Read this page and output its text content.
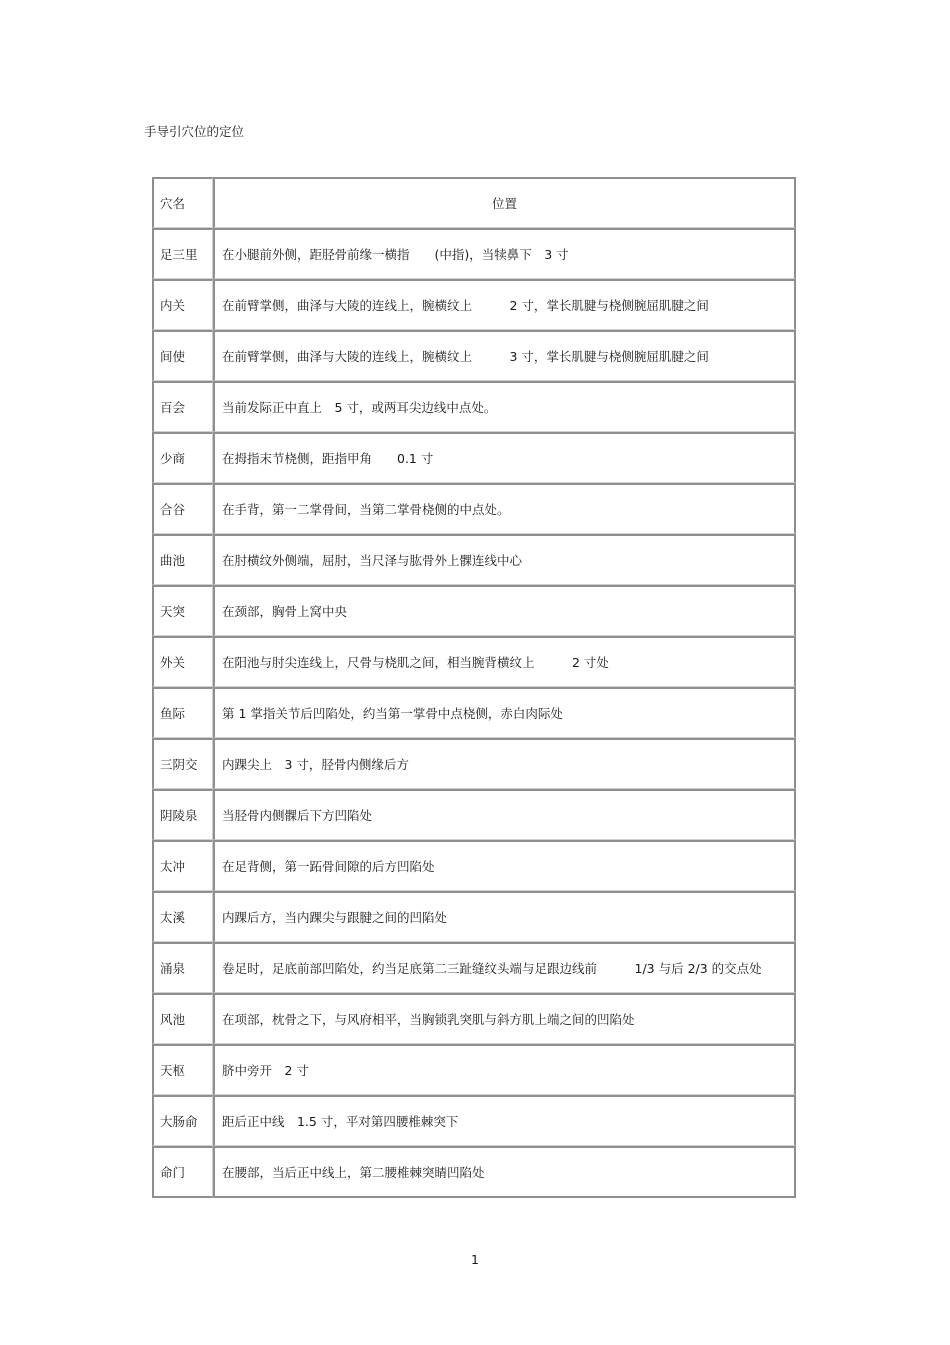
手导引穴位的定位
穴名	位置
足三里	在小腿前外侧，距胫骨前缘一横指　　(中指)，当犊鼻下　3 寸
内关	在前臂掌侧，曲泽与大陵的连线上，腕横纹上　　　2 寸，掌长肌腱与桡侧腕屈肌腱之间
间使	在前臂掌侧，曲泽与大陵的连线上，腕横纹上　　　3 寸，掌长肌腱与桡侧腕屈肌腱之间
百会	当前发际正中直上　5 寸，或两耳尖边线中点处。
少商	在拇指末节桡侧，距指甲角　　0.1 寸
合谷	在手背，第一二掌骨间，当第二掌骨桡侧的中点处。
曲池	在肘横纹外侧端，屈肘，当尺泽与肱骨外上髁连线中心
天突	在颈部，胸骨上窝中央
外关	在阳池与肘尖连线上，尺骨与桡肌之间，相当腕背横纹上　　　2 寸处
鱼际	第 1 掌指关节后凹陷处，约当第一掌骨中点桡侧，赤白肉际处
三阴交	内踝尖上　3 寸，胫骨内侧缘后方
阴陵泉	当胫骨内侧髁后下方凹陷处
太冲	在足背侧，第一跖骨间隙的后方凹陷处
太溪	内踝后方，当内踝尖与跟腱之间的凹陷处
涌泉	卷足时，足底前部凹陷处，约当足底第二三趾缝纹头端与足跟边线前　　　1/3 与后 2/3 的交点处
风池	在项部，枕骨之下，与风府相平，当胸锁乳突肌与斜方肌上端之间的凹陷处
天枢	脐中旁开　2 寸
大肠俞	距后正中线　1.5 寸，平对第四腰椎棘突下
命门	在腰部，当后正中线上，第二腰椎棘突睛凹陷处
1
